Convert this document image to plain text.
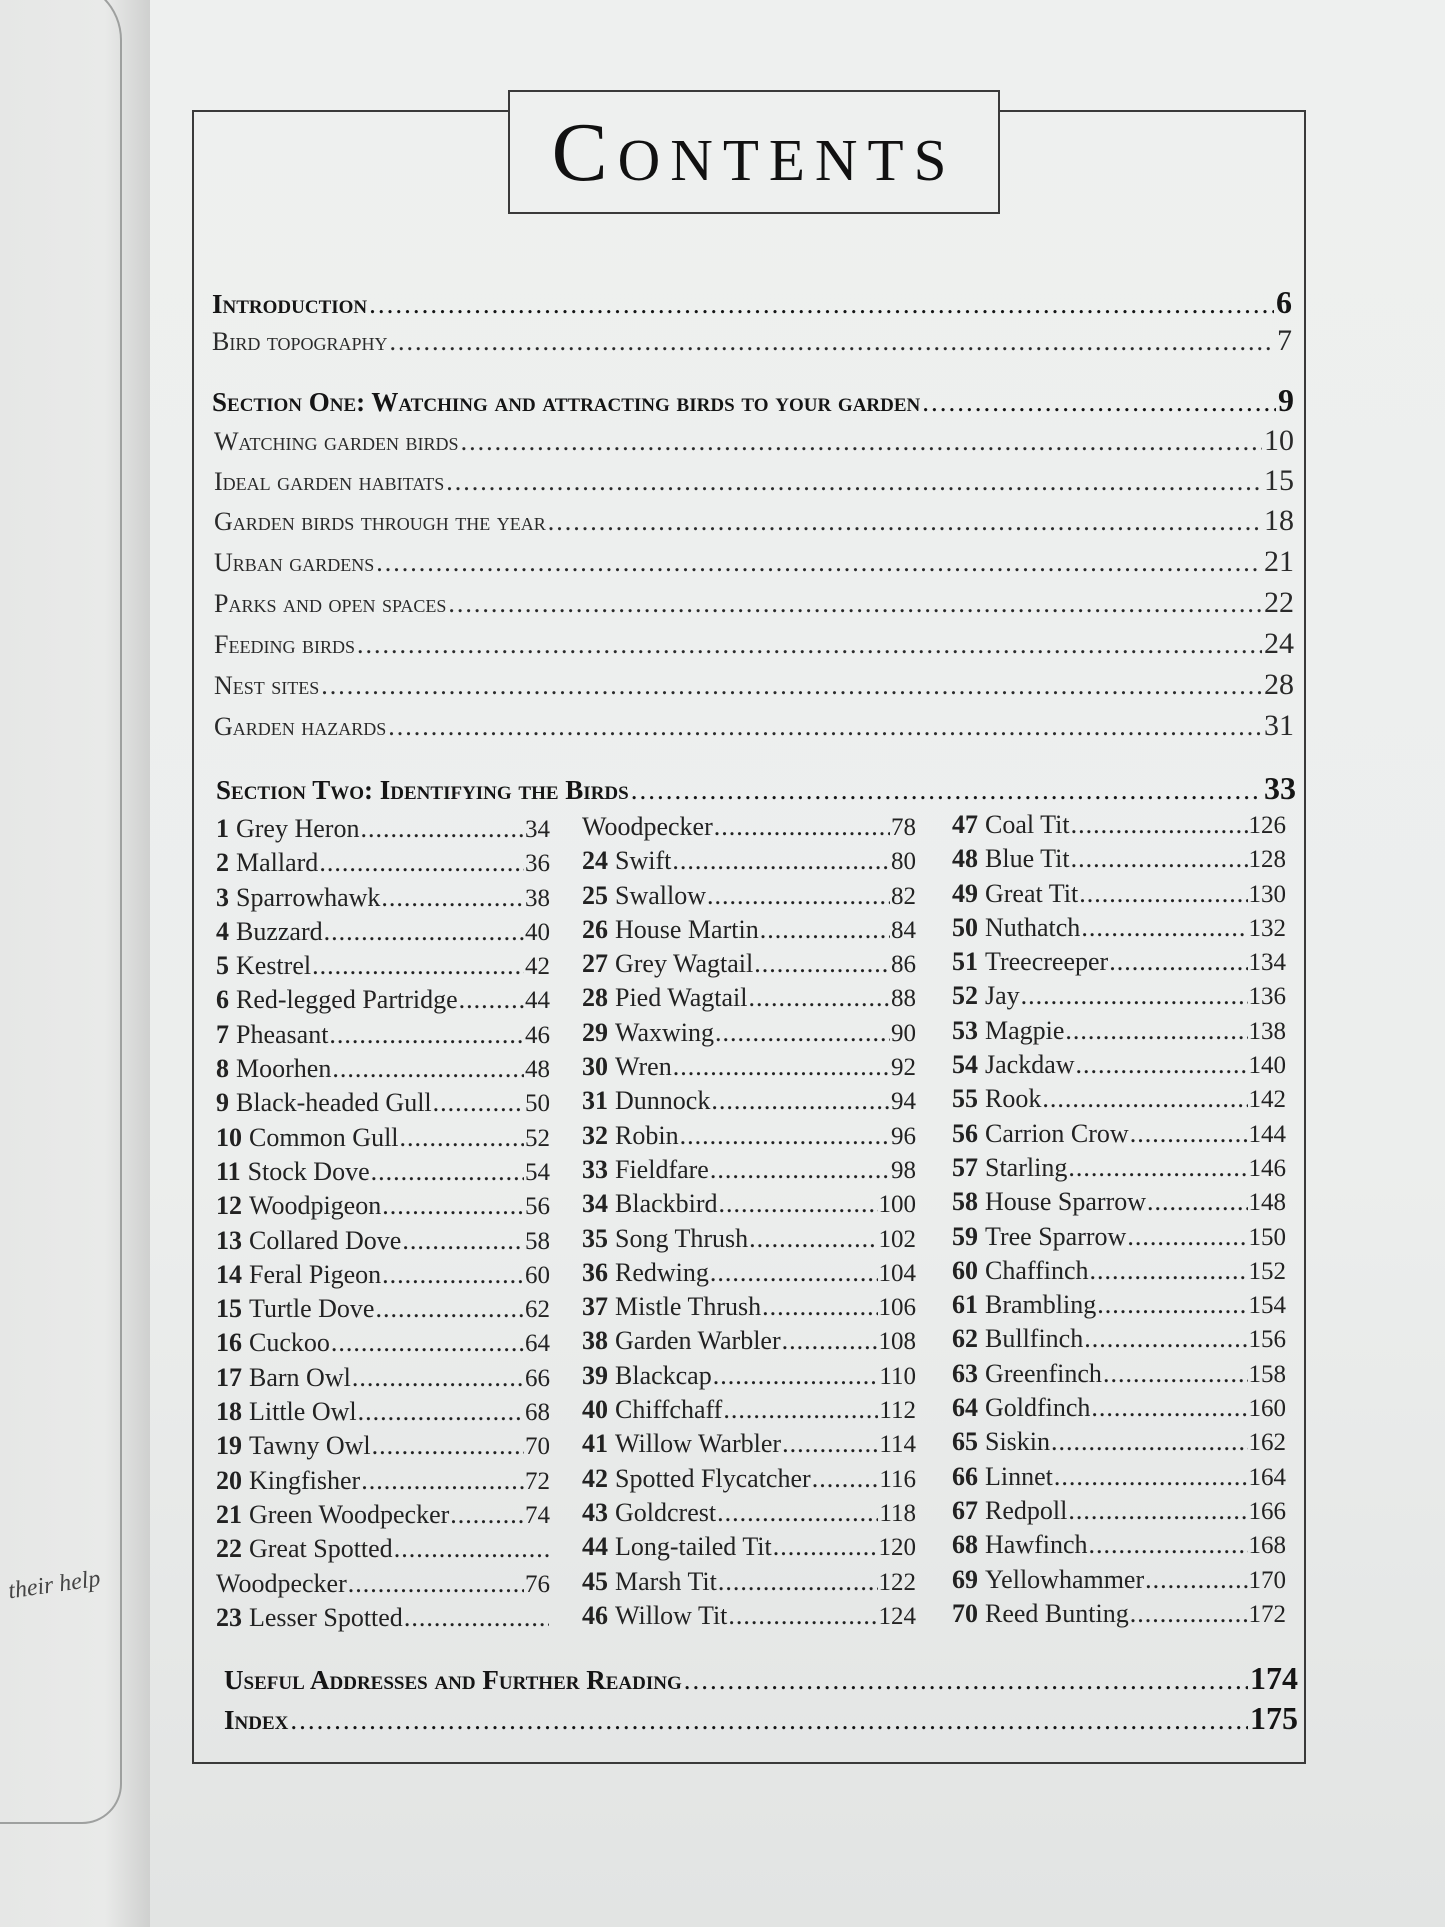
their help
Contents
Introduction .....	6
Bird topography .....	7
Section One: Watching and attracting birds to your garden .....	9
Watching garden birds .....	10
Ideal garden habitats .....	15
Garden birds through the year .....	18
Urban gardens .....	21
Parks and open spaces .....	22
Feeding birds .....	24
Nest sites .....	28
Garden hazards .....	31
Section Two: Identifying the Birds .....	33
1 Grey Heron .....	34
2 Mallard .....	36
3 Sparrowhawk .....	38
4 Buzzard .....	40
5 Kestrel .....	42
6 Red-legged Partridge .....	44
7 Pheasant .....	46
8 Moorhen .....	48
9 Black-headed Gull .....	50
10 Common Gull .....	52
11 Stock Dove .....	54
12 Woodpigeon .....	56
13 Collared Dove .....	58
14 Feral Pigeon .....	60
15 Turtle Dove .....	62
16 Cuckoo .....	64
17 Barn Owl .....	66
18 Little Owl .....	68
19 Tawny Owl .....	70
20 Kingfisher .....	72
21 Green Woodpecker .....	74
22 Great Spotted
.....
Woodpecker .....	76
23 Lesser Spotted
.....
Woodpecker .....	78
24 Swift .....	80
25 Swallow .....	82
26 House Martin .....	84
27 Grey Wagtail .....	86
28 Pied Wagtail .....	88
29 Waxwing .....	90
30 Wren .....	92
31 Dunnock .....	94
32 Robin .....	96
33 Fieldfare .....	98
34 Blackbird .....	100
35 Song Thrush .....	102
36 Redwing .....	104
37 Mistle Thrush .....	106
38 Garden Warbler .....	108
39 Blackcap .....	110
40 Chiffchaff .....	112
41 Willow Warbler .....	114
42 Spotted Flycatcher .....	116
43 Goldcrest .....	118
44 Long-tailed Tit .....	120
45 Marsh Tit .....	122
46 Willow Tit .....	124
47 Coal Tit .....	126
48 Blue Tit .....	128
49 Great Tit .....	130
50 Nuthatch .....	132
51 Treecreeper .....	134
52 Jay .....	136
53 Magpie .....	138
54 Jackdaw .....	140
55 Rook .....	142
56 Carrion Crow .....	144
57 Starling .....	146
58 House Sparrow .....	148
59 Tree Sparrow .....	150
60 Chaffinch .....	152
61 Brambling .....	154
62 Bullfinch .....	156
63 Greenfinch .....	158
64 Goldfinch .....	160
65 Siskin .....	162
66 Linnet .....	164
67 Redpoll .....	166
68 Hawfinch .....	168
69 Yellowhammer .....	170
70 Reed Bunting .....	172
Useful Addresses and Further Reading .....	174
Index .....	175
